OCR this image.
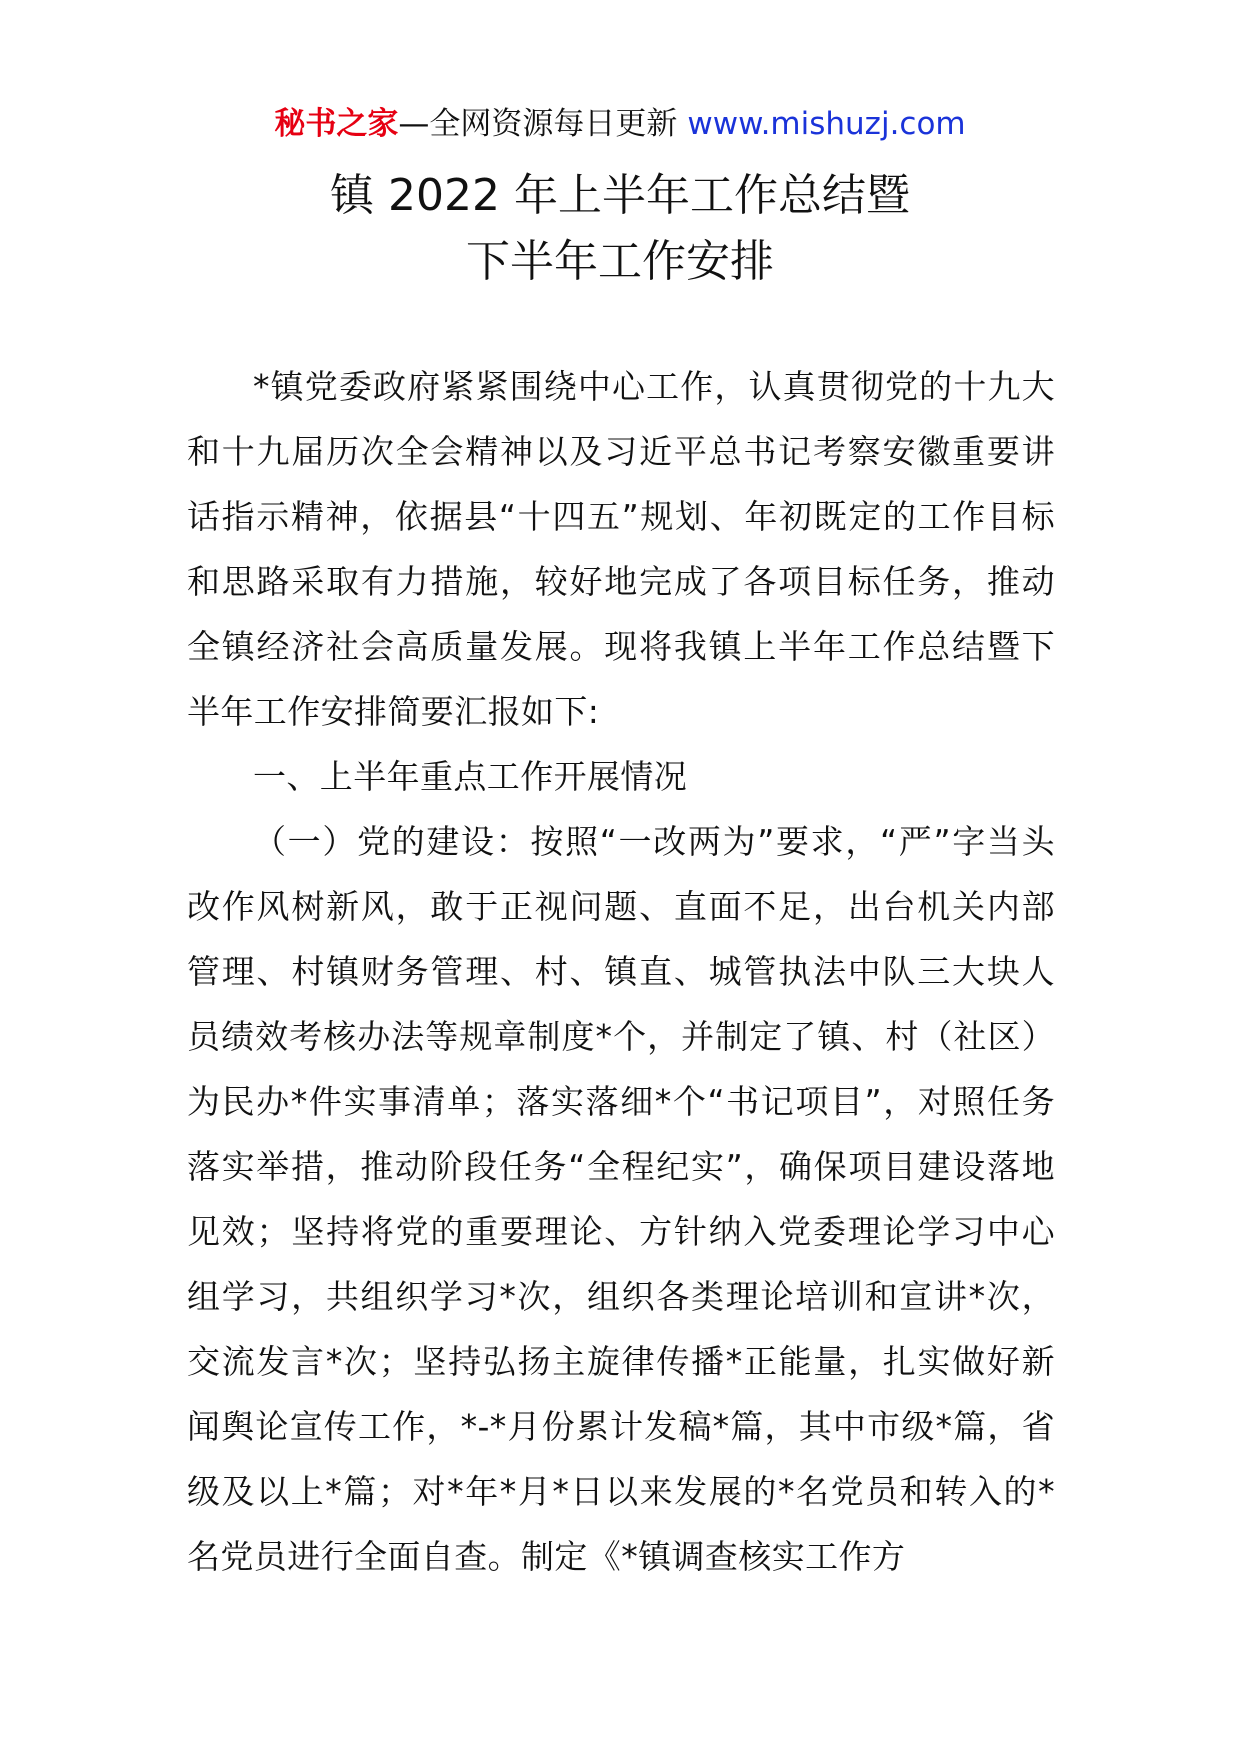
秘书之家—全网资源每日更新 www.mishuzj.com
镇 2022 年上半年工作总结暨
下半年工作安排

*镇党委政府紧紧围绕中心工作，认真贯彻党的十九大和十九届历次全会精神以及习近平总书记考察安徽重要讲话指示精神，依据县“十四五”规划、年初既定的工作目标和思路采取有力措施，较好地完成了各项目标任务，推动全镇经济社会高质量发展。现将我镇上半年工作总结暨下半年工作安排简要汇报如下:

一、上半年重点工作开展情况

（一）党的建设：按照“一改两为”要求，“严”字当头改作风树新风，敢于正视问题、直面不足，出台机关内部管理、村镇财务管理、村、镇直、城管执法中队三大块人员绩效考核办法等规章制度*个，并制定了镇、村（社区）为民办*件实事清单；落实落细*个“书记项目”，对照任务落实举措，推动阶段任务“全程纪实”，确保项目建设落地见效；坚持将党的重要理论、方针纳入党委理论学习中心组学习，共组织学习*次，组织各类理论培训和宣讲*次，交流发言*次；坚持弘扬主旋律传播*正能量，扎实做好新闻舆论宣传工作，*-*月份累计发稿*篇，其中市级*篇，省级及以上*篇；对*年*月*日以来发展的*名党员和转入的*名党员进行全面自查。制定《*镇调查核实工作方
